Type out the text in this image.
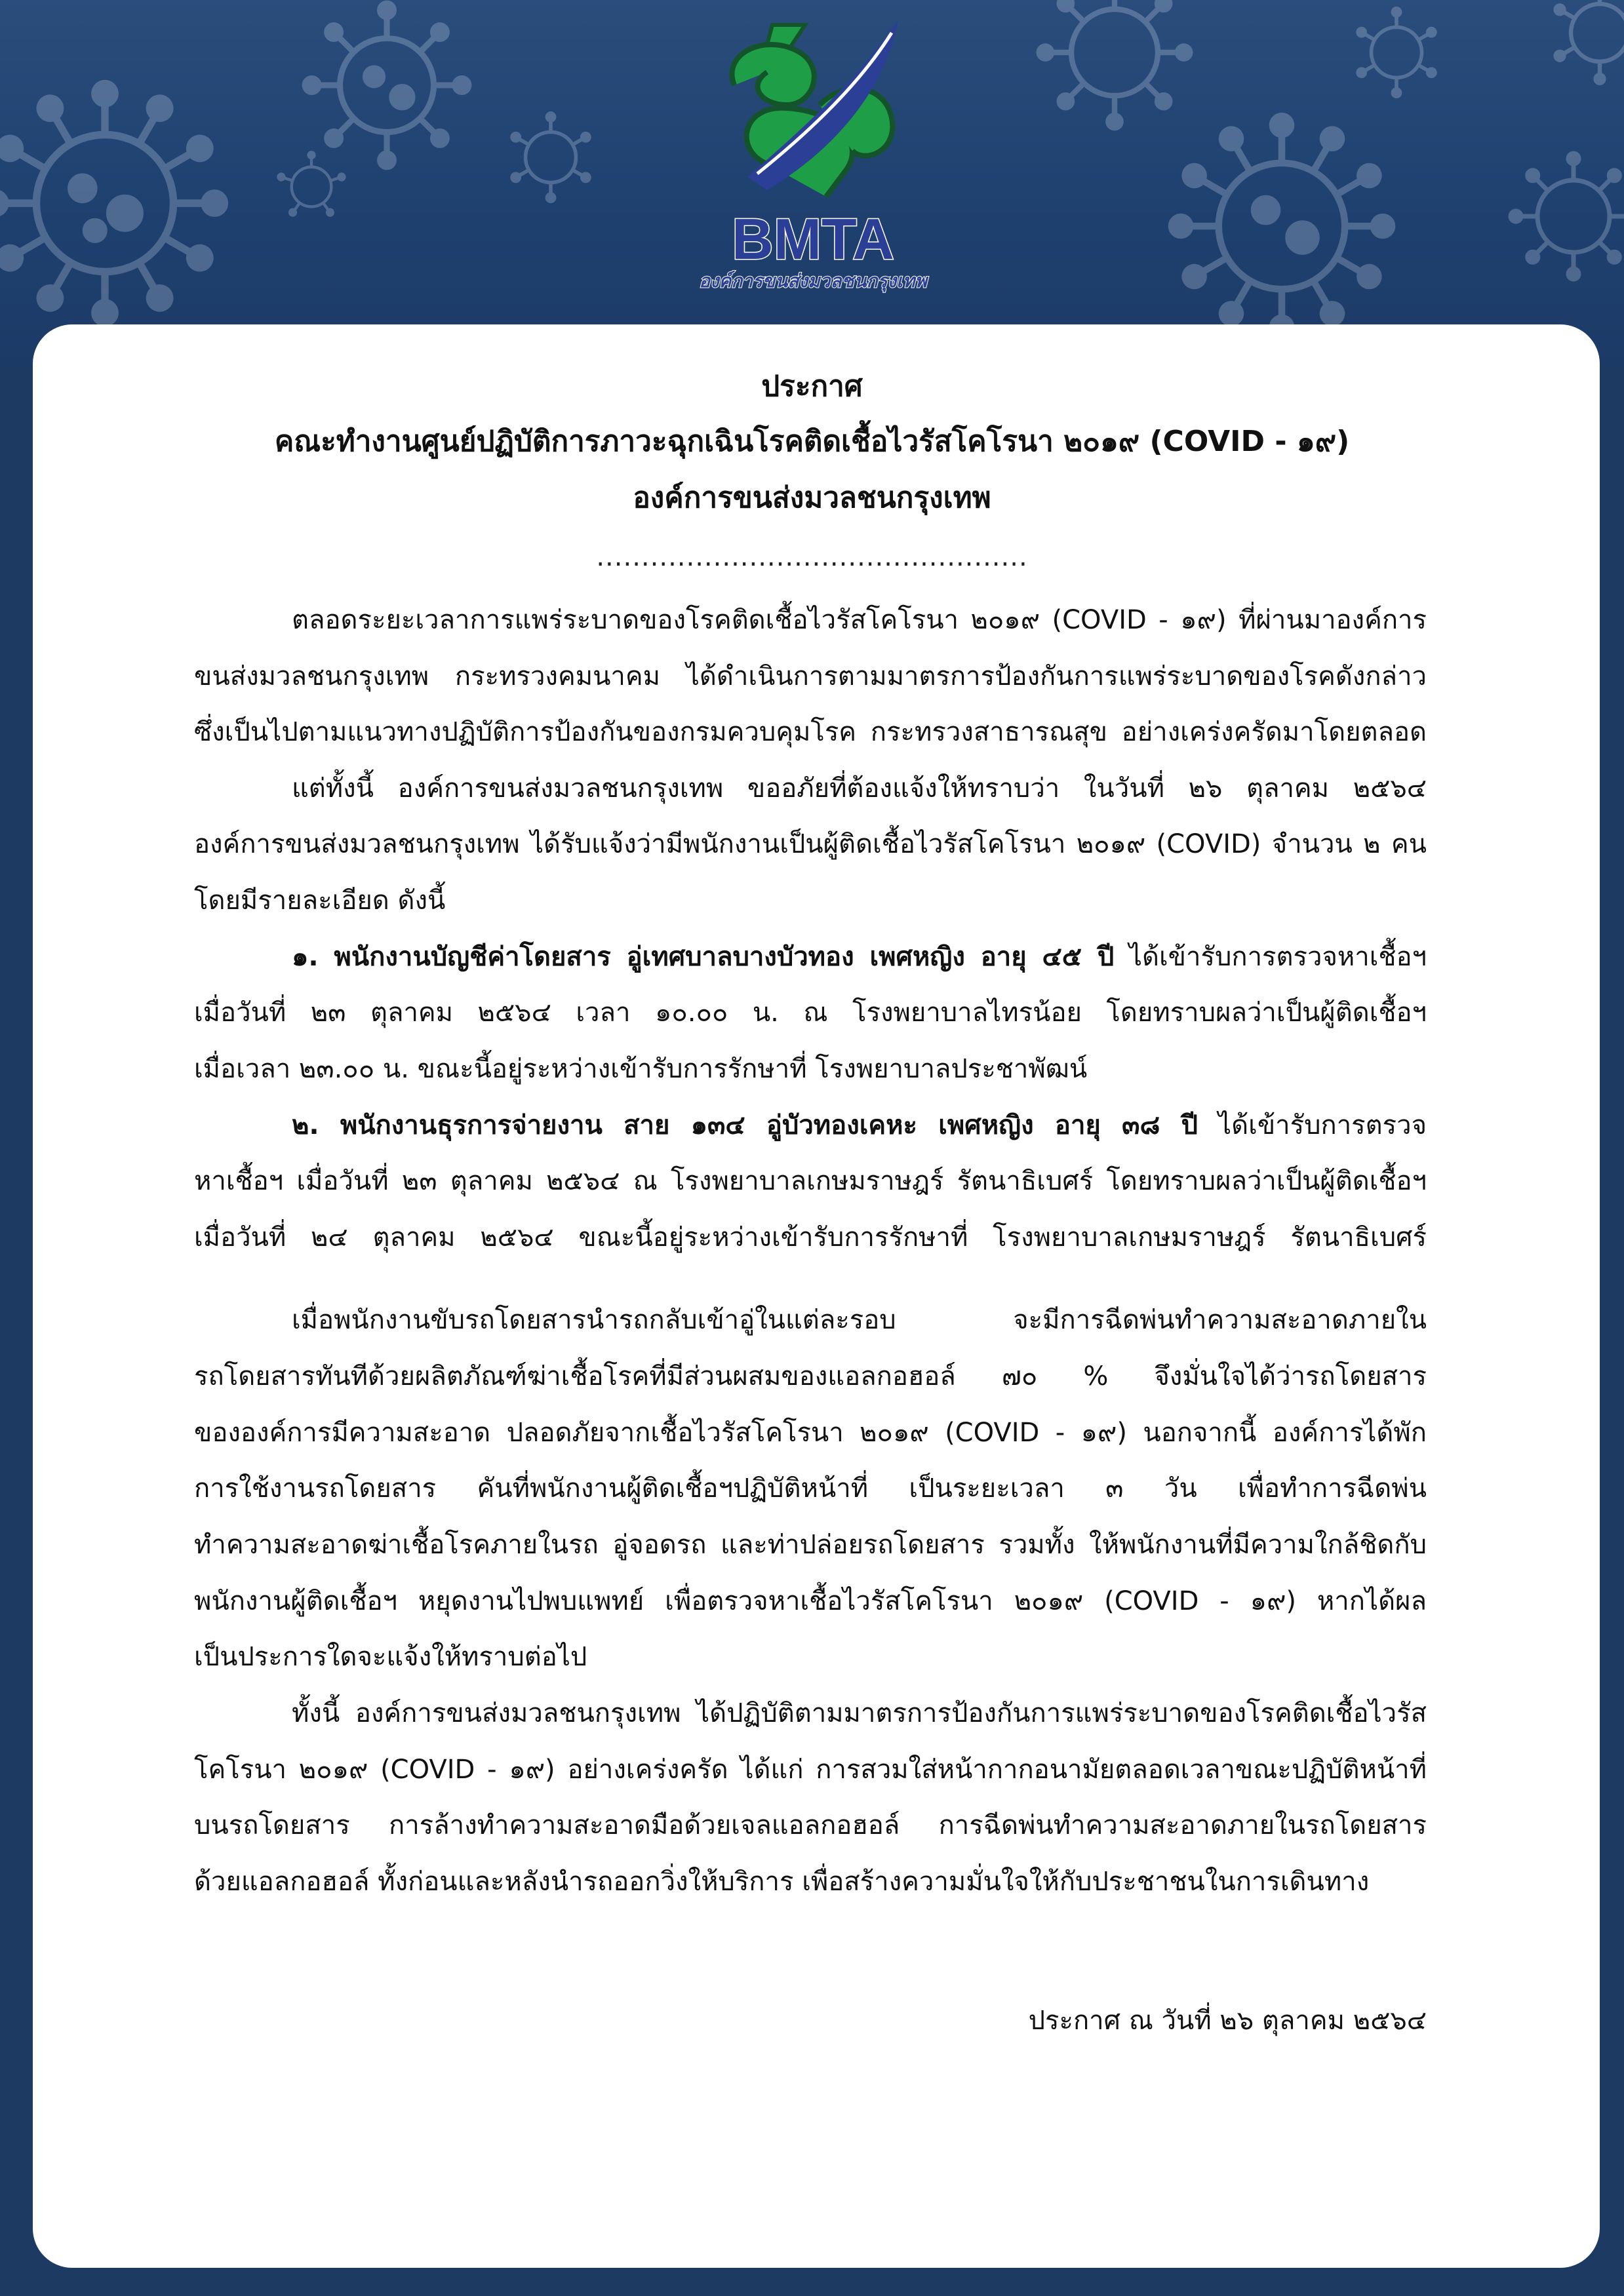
BMTA
องค์การขนส่งมวลชนกรุงเทพ
ประกาศ
คณะทำงานศูนย์ปฏิบัติการภาวะฉุกเฉินโรคติดเชื้อไวรัสโคโรนา ๒๐๑๙ (COVID - ๑๙)
องค์การขนส่งมวลชนกรุงเทพ
................................................
ตลอดระยะเวลาการแพร่ระบาดของโรคติดเชื้อไวรัสโคโรนา ๒๐๑๙ (COVID - ๑๙) ที่ผ่านมาองค์การ
ขนส่งมวลชนกรุงเทพ กระทรวงคมนาคม ได้ดำเนินการตามมาตรการป้องกันการแพร่ระบาดของโรคดังกล่าว
ซึ่งเป็นไปตามแนวทางปฏิบัติการป้องกันของกรมควบคุมโรค กระทรวงสาธารณสุข อย่างเคร่งครัดมาโดยตลอด
แต่ทั้งนี้ องค์การขนส่งมวลชนกรุงเทพ ขออภัยที่ต้องแจ้งให้ทราบว่า ในวันที่ ๒๖ ตุลาคม ๒๕๖๔
องค์การขนส่งมวลชนกรุงเทพ ได้รับแจ้งว่ามีพนักงานเป็นผู้ติดเชื้อไวรัสโคโรนา ๒๐๑๙ (COVID) จำนวน ๒ คน
โดยมีรายละเอียด ดังนี้
๑. พนักงานบัญชีค่าโดยสาร อู่เทศบาลบางบัวทอง เพศหญิง อายุ ๔๕ ปี ได้เข้ารับการตรวจหาเชื้อฯ
เมื่อวันที่ ๒๓ ตุลาคม ๒๕๖๔ เวลา ๑๐.๐๐ น. ณ โรงพยาบาลไทรน้อย โดยทราบผลว่าเป็นผู้ติดเชื้อฯ
เมื่อเวลา ๒๓.๐๐ น. ขณะนี้อยู่ระหว่างเข้ารับการรักษาที่ โรงพยาบาลประชาพัฒน์
๒. พนักงานธุรการจ่ายงาน สาย ๑๓๔ อู่บัวทองเคหะ เพศหญิง อายุ ๓๘ ปี ได้เข้ารับการตรวจ
หาเชื้อฯ เมื่อวันที่ ๒๓ ตุลาคม ๒๕๖๔ ณ โรงพยาบาลเกษมราษฎร์ รัตนาธิเบศร์ โดยทราบผลว่าเป็นผู้ติดเชื้อฯ
เมื่อวันที่ ๒๔ ตุลาคม ๒๕๖๔ ขณะนี้อยู่ระหว่างเข้ารับการรักษาที่ โรงพยาบาลเกษมราษฎร์ รัตนาธิเบศร์
เมื่อพนักงานขับรถโดยสารนำรถกลับเข้าอู่ในแต่ละรอบ จะมีการฉีดพ่นทำความสะอาดภายใน
รถโดยสารทันทีด้วยผลิตภัณฑ์ฆ่าเชื้อโรคที่มีส่วนผสมของแอลกอฮอล์ ๗๐ % จึงมั่นใจได้ว่ารถโดยสาร
ขององค์การมีความสะอาด ปลอดภัยจากเชื้อไวรัสโคโรนา ๒๐๑๙ (COVID - ๑๙) นอกจากนี้ องค์การได้พัก
การใช้งานรถโดยสาร คันที่พนักงานผู้ติดเชื้อฯปฏิบัติหน้าที่ เป็นระยะเวลา ๓ วัน เพื่อทำการฉีดพ่น
ทำความสะอาดฆ่าเชื้อโรคภายในรถ อู่จอดรถ และท่าปล่อยรถโดยสาร รวมทั้ง ให้พนักงานที่มีความใกล้ชิดกับ
พนักงานผู้ติดเชื้อฯ หยุดงานไปพบแพทย์ เพื่อตรวจหาเชื้อไวรัสโคโรนา ๒๐๑๙ (COVID - ๑๙) หากได้ผล
เป็นประการใดจะแจ้งให้ทราบต่อไป
ทั้งนี้ องค์การขนส่งมวลชนกรุงเทพ ได้ปฏิบัติตามมาตรการป้องกันการแพร่ระบาดของโรคติดเชื้อไวรัส
โคโรนา ๒๐๑๙ (COVID - ๑๙) อย่างเคร่งครัด ได้แก่ การสวมใส่หน้ากากอนามัยตลอดเวลาขณะปฏิบัติหน้าที่
บนรถโดยสาร การล้างทำความสะอาดมือด้วยเจลแอลกอฮอล์ การฉีดพ่นทำความสะอาดภายในรถโดยสาร
ด้วยแอลกอฮอล์ ทั้งก่อนและหลังนำรถออกวิ่งให้บริการ เพื่อสร้างความมั่นใจให้กับประชาชนในการเดินทาง
ประกาศ ณ วันที่ ๒๖ ตุลาคม ๒๕๖๔
